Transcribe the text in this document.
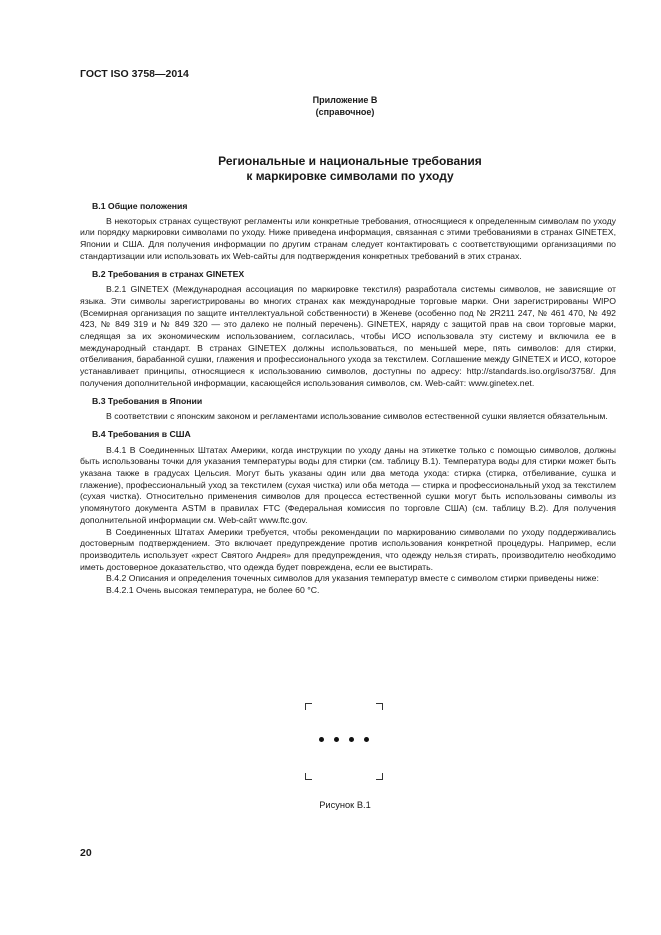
ГОСТ ISO 3758—2014
Приложение В
(справочное)
Региональные и национальные требования
к маркировке символами по уходу
В.1 Общие положения

В некоторых странах существуют регламенты или конкретные требования, относящиеся к определенным символам по уходу или порядку маркировки символами по уходу. Ниже приведена информация, связанная с этими требованиями в странах GINETEX, Японии и США. Для получения информации по другим странам следует контактировать с соответствующими организациями по стандартизации или использовать их Web-сайты для подтверждения конкретных требований в этих странах.

В.2 Требования в странах GINETEX

В.2.1 GINETEX (Международная ассоциация по маркировке текстиля) разработала системы символов, не зависящие от языка. Эти символы зарегистрированы во многих странах как международные торговые марки. Они зарегистрированы WIPO (Всемирная организация по защите интеллектуальной собственности) в Женеве (особенно под № 2R211 247, № 461 470, № 492 423, № 849 319 и № 849 320 — это далеко не полный перечень). GINETEX, наряду с защитой прав на свои торговые марки, следящая за их экономическим использованием, согласилась, чтобы ИСО использовала эту систему и включила ее в международный стандарт. В странах GINETEX должны использоваться, по меньшей мере, пять символов: для стирки, отбеливания, барабанной сушки, глажения и профессионального ухода за текстилем. Соглашение между GINETEX и ИСО, которое устанавливает принципы, относящиеся к использованию символов, доступны по адресу: http://standards.iso.org/iso/3758/. Для получения дополнительной информации, касающейся использования символов, см. Web-сайт: www.ginetex.net.

В.3 Требования в Японии

В соответствии с японским законом и регламентами использование символов естественной сушки является обязательным.

В.4 Требования в США

В.4.1 В Соединенных Штатах Америки, когда инструкции по уходу даны на этикетке только с помощью символов, должны быть использованы точки для указания температуры воды для стирки (см. таблицу В.1). Температура воды для стирки может быть указана также в градусах Цельсия. Могут быть указаны один или два метода ухода: стирка (стирка, отбеливание, сушка и глажение), профессиональный уход за текстилем (сухая чистка) или оба метода — стирка и профессиональный уход за текстилем (сухая чистка). Относительно применения символов для процесса естественной сушки могут быть использованы символы из упомянутого документа ASTM в правилах FTC (Федеральная комиссия по торговле США) (см. таблицу В.2). Для получения дополнительной информации см. Web-сайт www.ftc.gov.

В Соединенных Штатах Америки требуется, чтобы рекомендации по маркированию символами по уходу поддерживались достоверным подтверждением. Это включает предупреждение против использования конкретной процедуры. Например, если производитель использует «крест Святого Андрея» для предупреждения, что одежду нельзя стирать, производителю необходимо иметь достоверное доказательство, что одежда будет повреждена, если ее выстирать.

В.4.2 Описания и определения точечных символов для указания температур вместе с символом стирки приведены ниже:

В.4.2.1 Очень высокая температура, не более 60 °С.

Рисунок В.1
20
